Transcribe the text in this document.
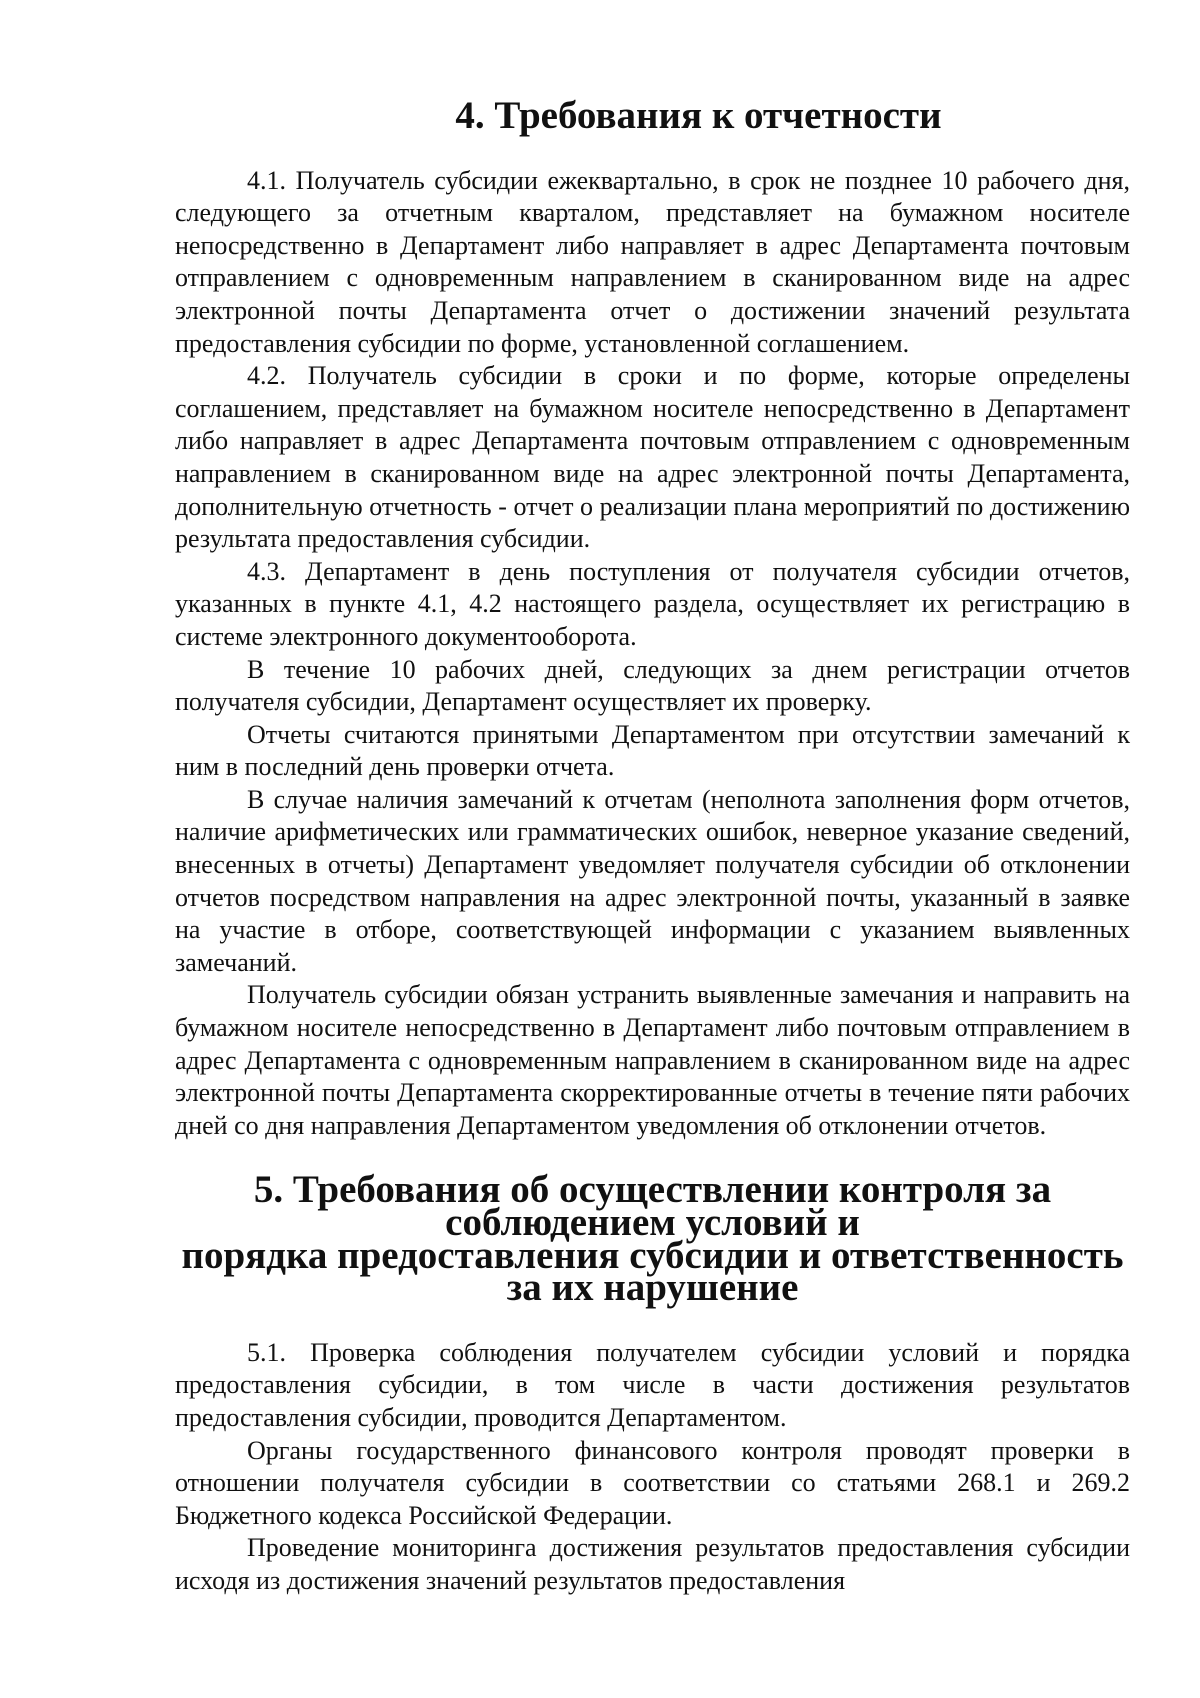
4. Требования к отчетности

4.1. Получатель субсидии ежеквартально, в срок не позднее 10 рабочего дня, следующего за отчетным кварталом, представляет на бумажном носителе непосредственно в Департамент либо направляет в адрес Департамента почтовым отправлением с одновременным направлением в сканированном виде на адрес электронной почты Департамента отчет о достижении значений результата предоставления субсидии по форме, установленной соглашением.

4.2. Получатель субсидии в сроки и по форме, которые определены соглашением, представляет на бумажном носителе непосредственно в Департамент либо направляет в адрес Департамента почтовым отправлением с одновременным направлением в сканированном виде на адрес электронной почты Департамента, дополнительную отчетность - отчет о реализации плана мероприятий по достижению результата предоставления субсидии.

4.3. Департамент в день поступления от получателя субсидии отчетов, указанных в пункте 4.1, 4.2 настоящего раздела, осуществляет их регистрацию в системе электронного документооборота.

В течение 10 рабочих дней, следующих за днем регистрации отчетов получателя субсидии, Департамент осуществляет их проверку.

Отчеты считаются принятыми Департаментом при отсутствии замечаний к ним в последний день проверки отчета.

В случае наличия замечаний к отчетам (неполнота заполнения форм отчетов, наличие арифметических или грамматических ошибок, неверное указание сведений, внесенных в отчеты) Департамент уведомляет получателя субсидии об отклонении отчетов посредством направления на адрес электронной почты, указанный в заявке на участие в отборе, соответствующей информации с указанием выявленных замечаний.

Получатель субсидии обязан устранить выявленные замечания и направить на бумажном носителе непосредственно в Департамент либо почтовым отправлением в адрес Департамента с одновременным направлением в сканированном виде на адрес электронной почты Департамента скорректированные отчеты в течение пяти рабочих дней со дня направления Департаментом уведомления об отклонении отчетов.

5. Требования об осуществлении контроля за соблюдением условий и
порядка предоставления субсидии и ответственность за их нарушение

5.1. Проверка соблюдения получателем субсидии условий и порядка предоставления субсидии, в том числе в части достижения результатов предоставления субсидии, проводится Департаментом.

Органы государственного финансового контроля проводят проверки в отношении получателя субсидии в соответствии со статьями 268.1 и 269.2 Бюджетного кодекса Российской Федерации.

Проведение мониторинга достижения результатов предоставления субсидии исходя из достижения значений результатов предоставления
